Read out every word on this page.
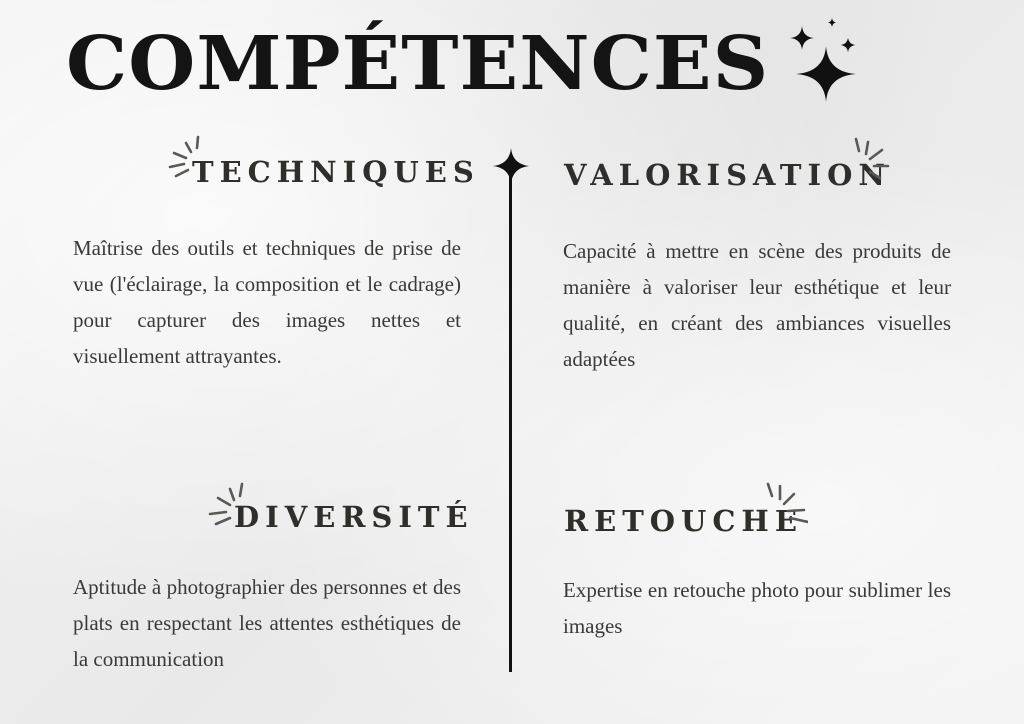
COMPÉTENCES
TECHNIQUES

Maîtrise des outils et techniques de prise de vue (l'éclairage, la composition et le cadrage) pour capturer des images nettes et visuellement attrayantes.

VALORISATION

Capacité à mettre en scène des produits de manière à valoriser leur esthétique et leur qualité, en créant des ambiances visuelles adaptées

DIVERSITÉ

Aptitude à photographier des personnes et des plats en respectant les attentes esthétiques de la communication

RETOUCHE

Expertise en retouche photo pour sublimer les images
